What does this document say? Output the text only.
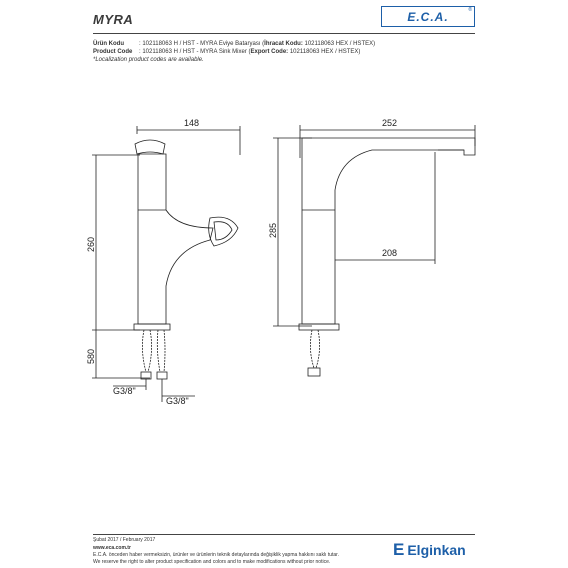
MYRA	E.C.A.	®
Ürün Kodu	: 102118063 H / HST - MYRA Eviye Bataryası (İhracat Kodu: 102118063 HEX / HSTEX)
Product Code : 102118063 H / HST - MYRA Sink Mixer (Export Code: 102118063 HEX / HSTEX)
*Localization product codes are available.
148
260
580
G3/8"
G3/8"
252
285
208
Şubat 2017 / February 2017
www.eca.com.tr
E.C.A. önceden haber vermeksizin, ürünler ve ürünlerin teknik detaylarında değişiklik yapma hakkını saklı tutar.
We reserve the right to alter product specification and colors and to make modifications without prior notice.
E Elginkan
